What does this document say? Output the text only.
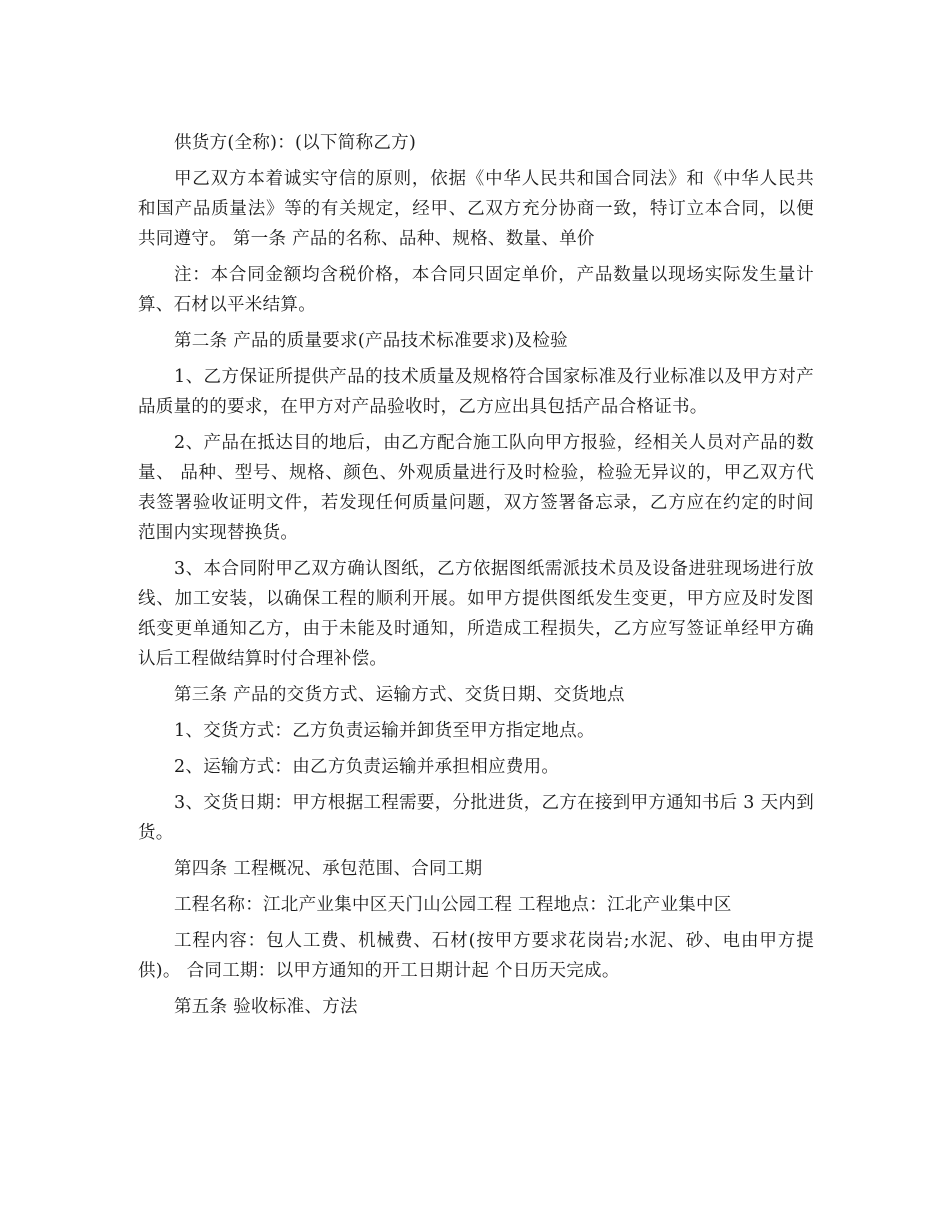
供货方(全称)：(以下简称乙方)

甲乙双方本着诚实守信的原则，依据《中华人民共和国合同法》和《中华人民共和国产品质量法》等的有关规定，经甲、乙双方充分协商一致，特订立本合同，以便共同遵守。 第一条 产品的名称、品种、规格、数量、单价

注：本合同金额均含税价格，本合同只固定单价，产品数量以现场实际发生量计算、石材以平米结算。

第二条 产品的质量要求(产品技术标准要求)及检验

1、乙方保证所提供产品的技术质量及规格符合国家标准及行业标准以及甲方对产品质量的的要求，在甲方对产品验收时，乙方应出具包括产品合格证书。

2、产品在抵达目的地后，由乙方配合施工队向甲方报验，经相关人员对产品的数量、 品种、型号、规格、颜色、外观质量进行及时检验，检验无异议的，甲乙双方代表签署验收证明文件，若发现任何质量问题，双方签署备忘录，乙方应在约定的时间范围内实现替换货。

3、本合同附甲乙双方确认图纸，乙方依据图纸需派技术员及设备进驻现场进行放线、加工安装，以确保工程的顺利开展。如甲方提供图纸发生变更，甲方应及时发图纸变更单通知乙方，由于未能及时通知，所造成工程损失，乙方应写签证单经甲方确认后工程做结算时付合理补偿。

第三条 产品的交货方式、运输方式、交货日期、交货地点

1、交货方式：乙方负责运输并卸货至甲方指定地点。

2、运输方式：由乙方负责运输并承担相应费用。

3、交货日期：甲方根据工程需要，分批进货，乙方在接到甲方通知书后 3 天内到货。

第四条 工程概况、承包范围、合同工期

工程名称：江北产业集中区天门山公园工程 工程地点：江北产业集中区

工程内容：包人工费、机械费、石材(按甲方要求花岗岩;水泥、砂、电由甲方提供)。 合同工期：以甲方通知的开工日期计起 个日历天完成。

第五条 验收标准、方法
